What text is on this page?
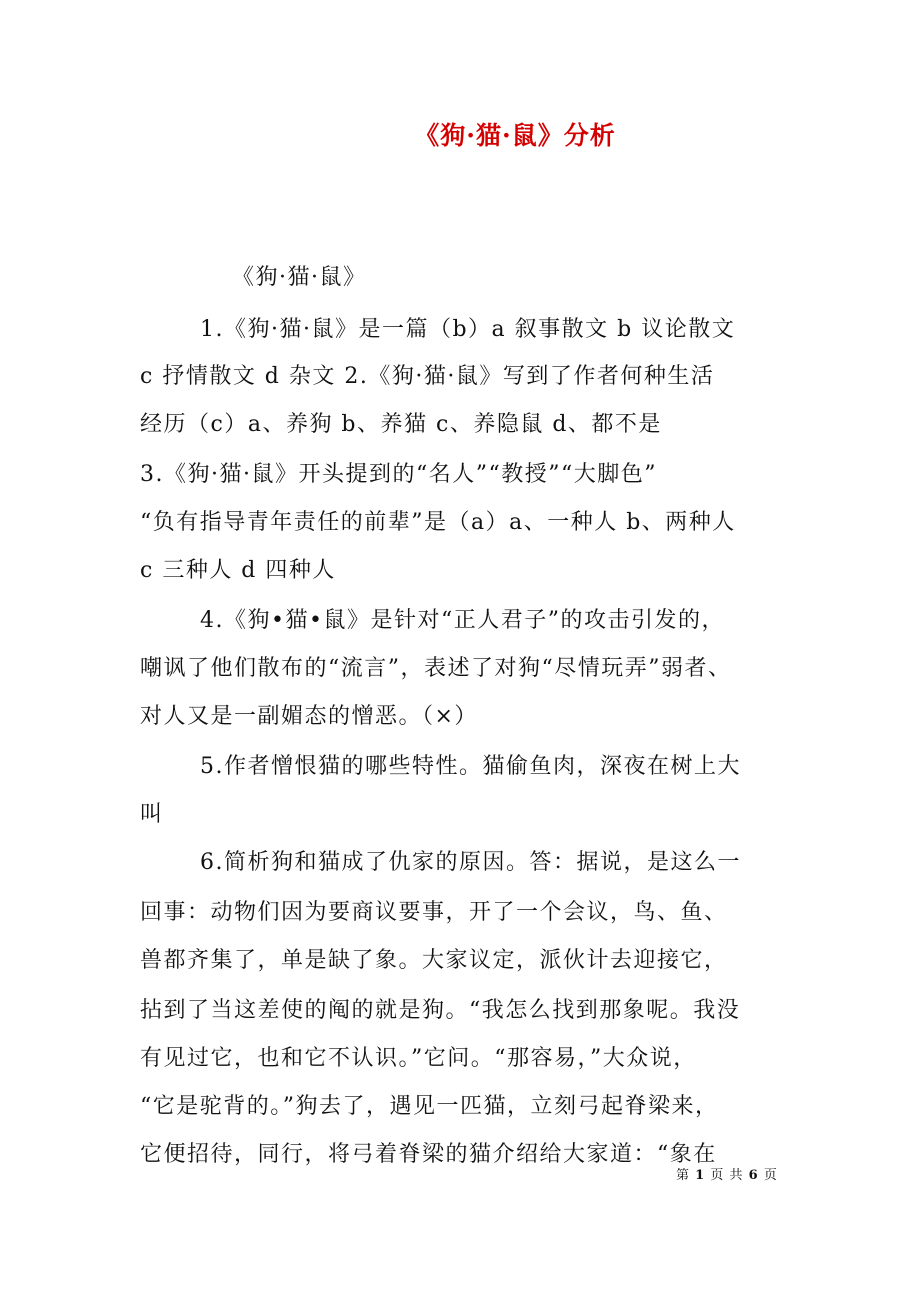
《狗·猫·鼠》分析
《狗·猫·鼠》
1.《狗·猫·鼠》是一篇（b）a 叙事散文 b 议论散文
c 抒情散文 d 杂文 2.《狗·猫·鼠》写到了作者何种生活
经历（c）a、养狗 b、养猫 c、养隐鼠 d、都不是
3.《狗·猫·鼠》开头提到的“名人”“教授”“大脚色”
“负有指导青年责任的前辈”是（a）a、一种人 b、两种人
c 三种人 d 四种人
4.《狗•猫•鼠》是针对“正人君子”的攻击引发的，
嘲讽了他们散布的“流言”，表述了对狗“尽情玩弄”弱者、
对人又是一副媚态的憎恶。（×）
5.作者憎恨猫的哪些特性。猫偷鱼肉，深夜在树上大
叫
6.简析狗和猫成了仇家的原因。答：据说，是这么一
回事：动物们因为要商议要事，开了一个会议，鸟、鱼、
兽都齐集了，单是缺了象。大家议定，派伙计去迎接它，
拈到了当这差使的阄的就是狗。“我怎么找到那象呢。我没
有见过它，也和它不认识。”它问。“那容易，”大众说，
“它是驼背的。”狗去了，遇见一匹猫，立刻弓起脊梁来，
它便招待，同行，将弓着脊梁的猫介绍给大家道：“象在
第 1 页 共 6 页
